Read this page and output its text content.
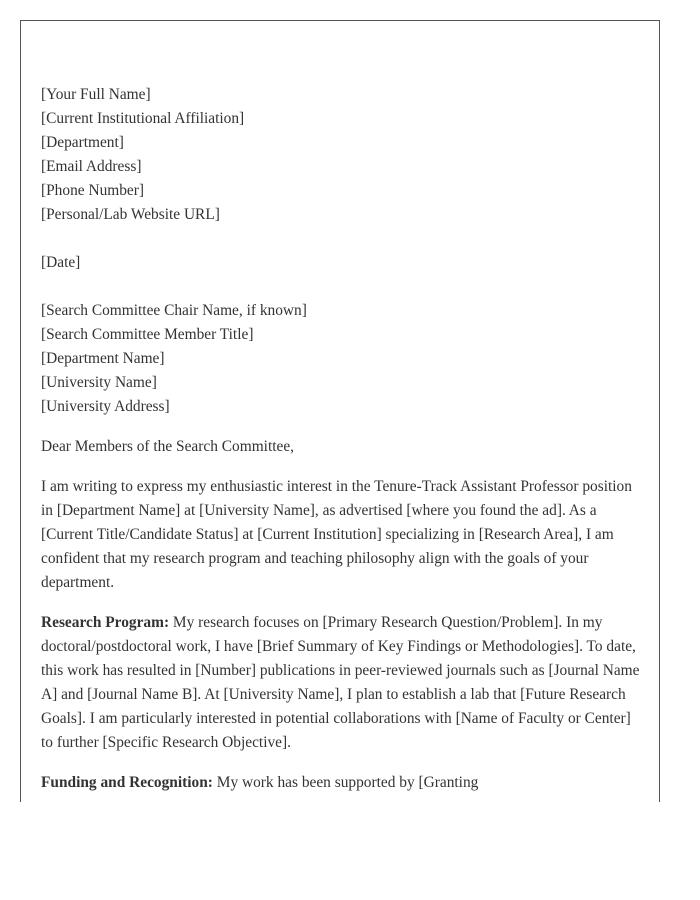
[Your Full Name]
[Current Institutional Affiliation]
[Department]
[Email Address]
[Phone Number]
[Personal/Lab Website URL]
[Date]
[Search Committee Chair Name, if known]
[Search Committee Member Title]
[Department Name]
[University Name]
[University Address]

Dear Members of the Search Committee,

I am writing to express my enthusiastic interest in the Tenure-Track Assistant Professor position in [Department Name] at [University Name], as advertised [where you found the ad]. As a [Current Title/Candidate Status] at [Current Institution] specializing in [Research Area], I am confident that my research program and teaching philosophy align with the goals of your department.

Research Program: My research focuses on [Primary Research Question/Problem]. In my doctoral/postdoctoral work, I have [Brief Summary of Key Findings or Methodologies]. To date, this work has resulted in [Number] publications in peer-reviewed journals such as [Journal Name A] and [Journal Name B]. At [University Name], I plan to establish a lab that [Future Research Goals]. I am particularly interested in potential collaborations with [Name of Faculty or Center] to further [Specific Research Objective].

Funding and Recognition: My work has been supported by [Granting
